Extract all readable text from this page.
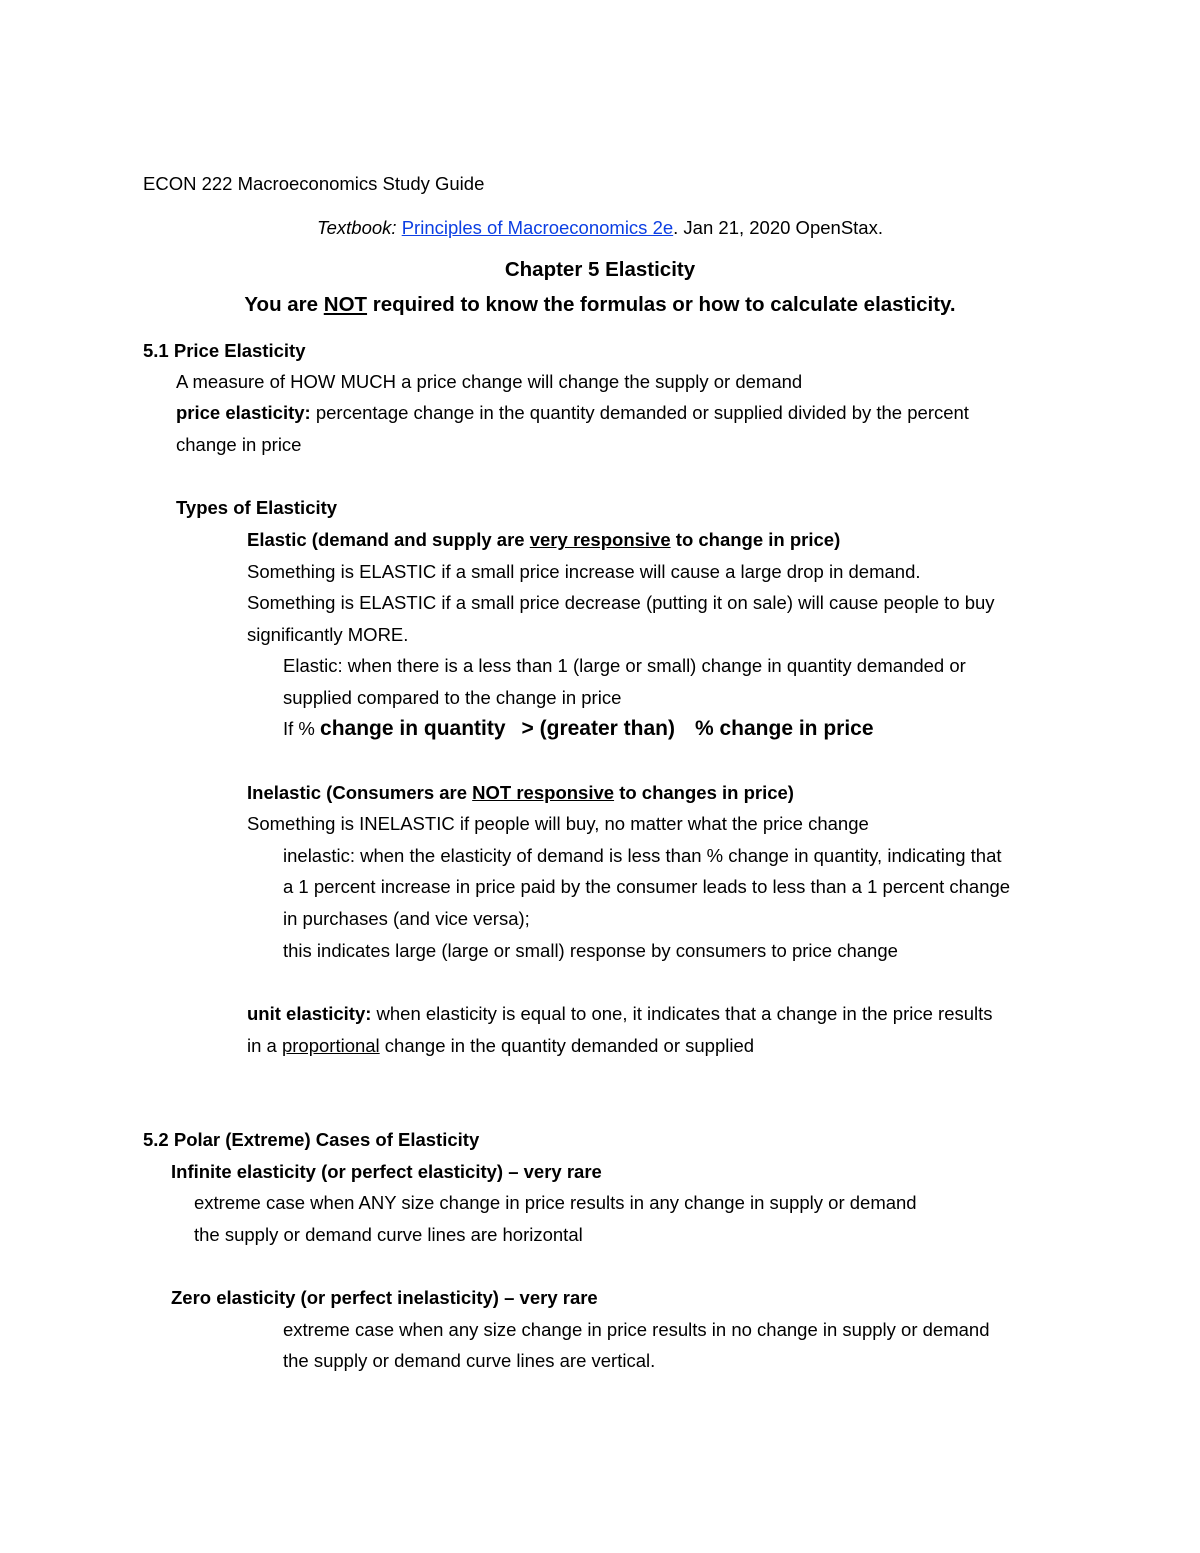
ECON 222 Macroeconomics Study Guide
Textbook: Principles of Macroeconomics 2e. Jan 21, 2020 OpenStax.
Chapter 5 Elasticity
You are NOT required to know the formulas or how to calculate elasticity.
5.1 Price Elasticity
A measure of HOW MUCH a price change will change the supply or demand
price elasticity: percentage change in the quantity demanded or supplied divided by the percent
change in price
Types of Elasticity
Elastic (demand and supply are very responsive to change in price)
Something is ELASTIC if a small price increase will cause a large drop in demand.
Something is ELASTIC if a small price decrease (putting it on sale) will cause people to buy
significantly MORE.
Elastic: when there is a less than 1 (large or small) change in quantity demanded or
supplied compared to the change in price
If % change in quantity > (greater than) % change in price
Inelastic (Consumers are NOT responsive to changes in price)
Something is INELASTIC if people will buy, no matter what the price change
inelastic: when the elasticity of demand is less than % change in quantity, indicating that
a 1 percent increase in price paid by the consumer leads to less than a 1 percent change
in purchases (and vice versa);
this indicates large (large or small) response by consumers to price change
unit elasticity: when elasticity is equal to one, it indicates that a change in the price results
in a proportional change in the quantity demanded or supplied
5.2 Polar (Extreme) Cases of Elasticity
Infinite elasticity (or perfect elasticity) – very rare
extreme case when ANY size change in price results in any change in supply or demand
the supply or demand curve lines are horizontal
Zero elasticity (or perfect inelasticity) – very rare
extreme case when any size change in price results in no change in supply or demand
the supply or demand curve lines are vertical.
